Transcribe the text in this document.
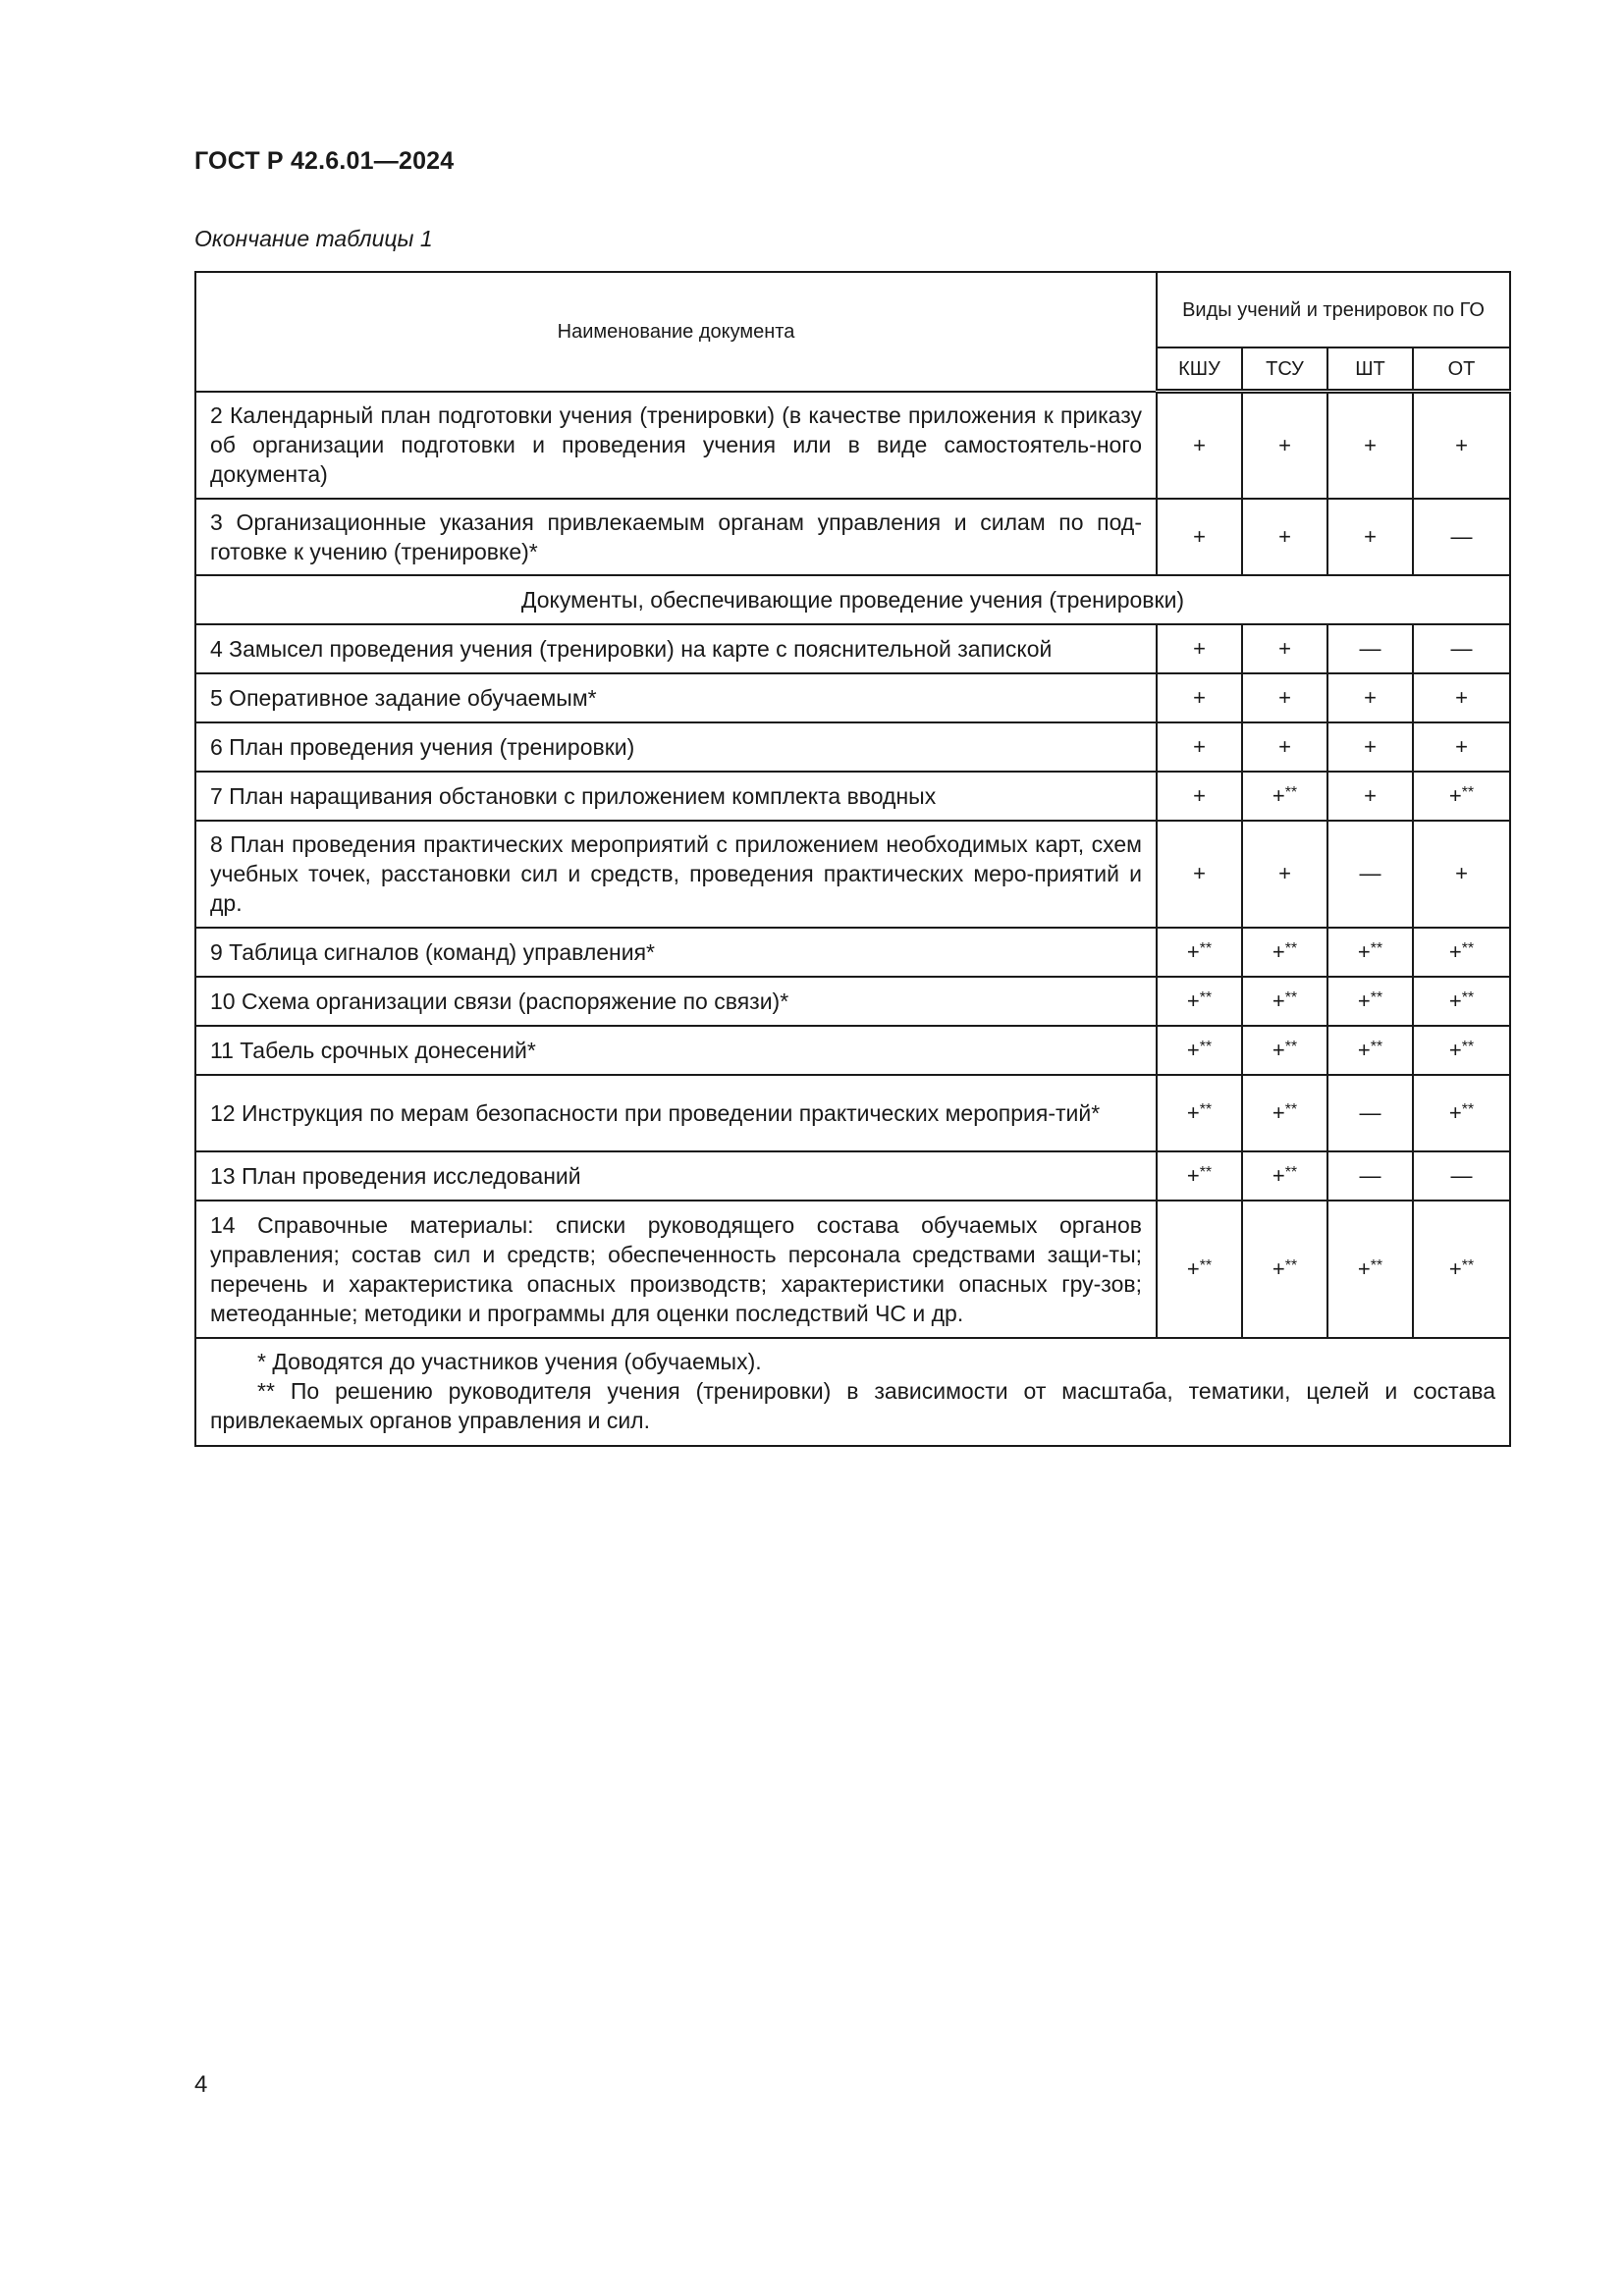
ГОСТ Р 42.6.01—2024
Окончание таблицы 1
Наименование документа	Виды учений и тренировок по ГО			
	КШУ	ТСУ	ШТ	ОТ
2 Календарный план подготовки учения (тренировки) (в качестве приложения к приказу об организации подготовки и проведения учения или в виде самостоятель-ного документа)	+	+	+	+
3 Организационные указания привлекаемым органам управления и силам по под-готовке к учению (тренировке)*	+	+	+	—
Документы, обеспечивающие проведение учения (тренировки)				
4 Замысел проведения учения (тренировки) на карте с пояснительной запиской	+	+	—	—
5 Оперативное задание обучаемым*	+	+	+	+
6 План проведения учения (тренировки)	+	+	+	+
7 План наращивания обстановки с приложением комплекта вводных	+	+**	+	+**
8 План проведения практических мероприятий с приложением необходимых карт, схем учебных точек, расстановки сил и средств, проведения практических меро-приятий и др.	+	+	—	+
9 Таблица сигналов (команд) управления*	+**	+**	+**	+**
10 Схема организации связи (распоряжение по связи)*	+**	+**	+**	+**
11 Табель срочных донесений*	+**	+**	+**	+**
12 Инструкция по мерам безопасности при проведении практических мероприя-тий*	+**	+**	—	+**
13 План проведения исследований	+**	+**	—	—
14 Справочные материалы: списки руководящего состава обучаемых органов управления; состав сил и средств; обеспеченность персонала средствами защи-ты; перечень и характеристика опасных производств; характеристики опасных гру-зов; метеоданные; методики и программы для оценки последствий ЧС и др.	+**	+**	+**	+**

* Доводятся до участников учения (обучаемых).
** По решению руководителя учения (тренировки) в зависимости от масштаба, тематики, целей и состава привлекаемых органов управления и сил.				
4
